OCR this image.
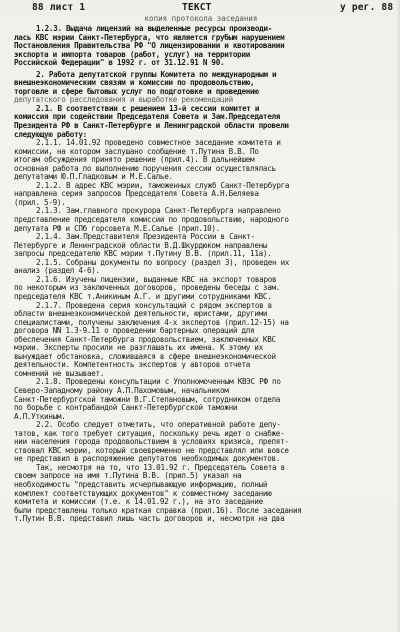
88 лист 1	ТЕКСТ	у рег. 88
копия протокола заседания
1.2.3. Выдача лицензий на выделенные ресурсы производи-
лась КВС мэрии Санкт-Петербурга, что является грубым нарушением
Постановления Правительства РФ "О лицензировании и квотировании
экспорта и импорта товаров (работ, услуг) на территории
Российской Федерации" в 1992 г. от 31.12.91 N 90.
2. Работа депутатской группы Комитета по международным и
внешнеэкономическим связям и комиссии по продовольствию,
торговле и сфере бытовых услуг по подготовке и проведению
депутатского расследования и выработке рекомендаций
2.1. В соответствии с решением 13-й сессии комитет и
комиссия при содействии Председателя Совета и Зам.Председателя
Президента РФ в Санкт-Петербурге и Ленинградской области провели
следующую работу:
2.1.1. 14.01.92 проведено совместное заседание комитета и
комиссии, на котором заслушано сообщение т.Путина В.В. По
итогам обсуждения принято решение (прил.4). В дальнейшем
основная работа по выполнению поручения сессии осуществлялась
депутатами Ю.П.Гладковым и М.Е.Салье.
2.1.2. В адрес КВС мэрии, таможенных служб Санкт-Петербурга
направлена серия запросов Председателя Совета А.Н.Беляева
(прил. 5-9).
2.1.3. Зам.главного прокурора Санкт-Петербурга направлено
представление председателя комиссии по продовольствию, народного
депутата РФ и СПб горсовета М.Е.Салье (прил.10).
2.1.4. Зам.Представителя Президента России в Санкт-
Петербурге и Ленинградской области В.Д.Шкурдюком направлены
запросы председателю КВС мэрии т.Путину В.В. (прил.11, 11а).
2.1.5. Собраны документы по вопросу (раздел 3), проведен их
анализ (раздел 4-6).
2.1.6. Изучены лицензии, выданные КВС на экспорт товаров
по некоторым из заключенных договоров, проведены беседы с зам.
председателя КВС т.Аникиным А.Г. и другими сотрудниками КВС.
2.1.7. Проведена серия консультаций с рядом экспертов в
области внешнеэкономической деятельности, юристами, другими
специалистами, получены заключения 4-х экспертов (прил.12-15) на
договора NN 1.3-9.11 о проведении бартерных операций для
обеспечения Санкт-Петербурга продовольствием, заключенных КВС
мэрии. Эксперты просили не разглашать их имена. К этому их
вынуждает обстановка, сложившаяся в сфере внешнеэкономической
деятельности. Компетентность экспертов у авторов отчета
сомнений не вызывает.
2.1.8. Проведены консультации с Уполномоченным КВЭС РФ по
Северо-Западному району А.П.Пахомовым, начальником
Санкт-Петербургской таможни В.Г.Степановым, сотрудником отдела
по борьбе с контрабандой Санкт-Петербургской таможни
А.П.Уткиным.
2.2. Особо следует отметить, что оперативной работе депу-
татов, как того требует ситуация, поскольку речь идет о снабже-
нии населения города продовольствием в условиях кризиса, препят-
ствовал КВС мэрии, который своевременно не представлял или вовсе
не представил в распоряжение депутатов необходимых документов.
Так, несмотря на то, что 13.01.92 г. Председатель Совета в
своем запросе на имя т.Путина В.В. (прил.5) указал на
необходимость "представить исчерпывающую информацию, полный
комплект соответствующих документов" к совместному заседанию
комитета и комиссии (т.е. к 14.01.92 г.), на это заседание
были представлены только краткая справка (прил.16). После заседания
т.Путин В.В. представил лишь часть договоров и, несмотря на два
